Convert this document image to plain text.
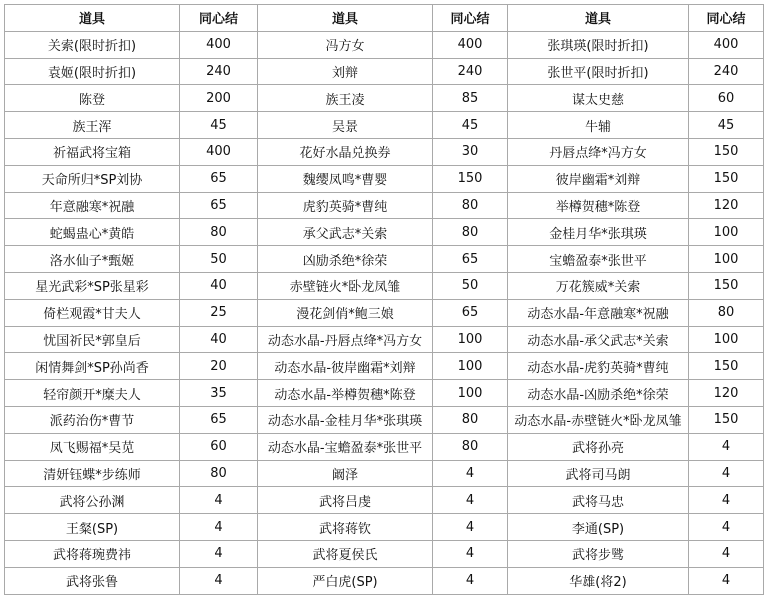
道具	同心结	道具	同心结	道具	同心结
关索(限时折扣)	400	冯方女	400	张琪瑛(限时折扣)	400
袁姬(限时折扣)	240	刘辩	240	张世平(限时折扣)	240
陈登	200	族王凌	85	谋太史慈	60
族王浑	45	吴景	45	牛辅	45
祈福武将宝箱	400	花好水晶兑换券	30	丹唇点绛*冯方女	150
天命所归*SP刘协	65	魏缨凤鸣*曹婴	150	彼岸幽霜*刘辩	150
年意融寒*祝融	65	虎豹英骑*曹纯	80	举樽贺穗*陈登	120
蛇蝎蛊心*黄皓	80	承父武志*关索	80	金桂月华*张琪瑛	100
洛水仙子*甄姬	50	凶励杀绝*徐荣	65	宝蟾盈泰*张世平	100
星光武彩*SP张星彩	40	赤壁链火*卧龙凤雏	50	万花簇威*关索	150
倚栏观霞*甘夫人	25	漫花剑俏*鲍三娘	65	动态水晶-年意融寒*祝融	80
忧国祈民*郭皇后	40	动态水晶-丹唇点绛*冯方女	100	动态水晶-承父武志*关索	100
闲情舞剑*SP孙尚香	20	动态水晶-彼岸幽霜*刘辩	100	动态水晶-虎豹英骑*曹纯	150
轻帘颜开*糜夫人	35	动态水晶-举樽贺穗*陈登	100	动态水晶-凶励杀绝*徐荣	120
派药治伤*曹节	65	动态水晶-金桂月华*张琪瑛	80	动态水晶-赤壁链火*卧龙凤雏	150
凤飞赐福*吴苋	60	动态水晶-宝蟾盈泰*张世平	80	武将孙亮	4
清妍钰蝶*步练师	80	阚泽	4	武将司马朗	4
武将公孙渊	4	武将吕虔	4	武将马忠	4
王粲(SP)	4	武将蒋钦	4	李通(SP)	4
武将蒋琬费祎	4	武将夏侯氏	4	武将步骘	4
武将张鲁	4	严白虎(SP)	4	华雄(将2)	4
